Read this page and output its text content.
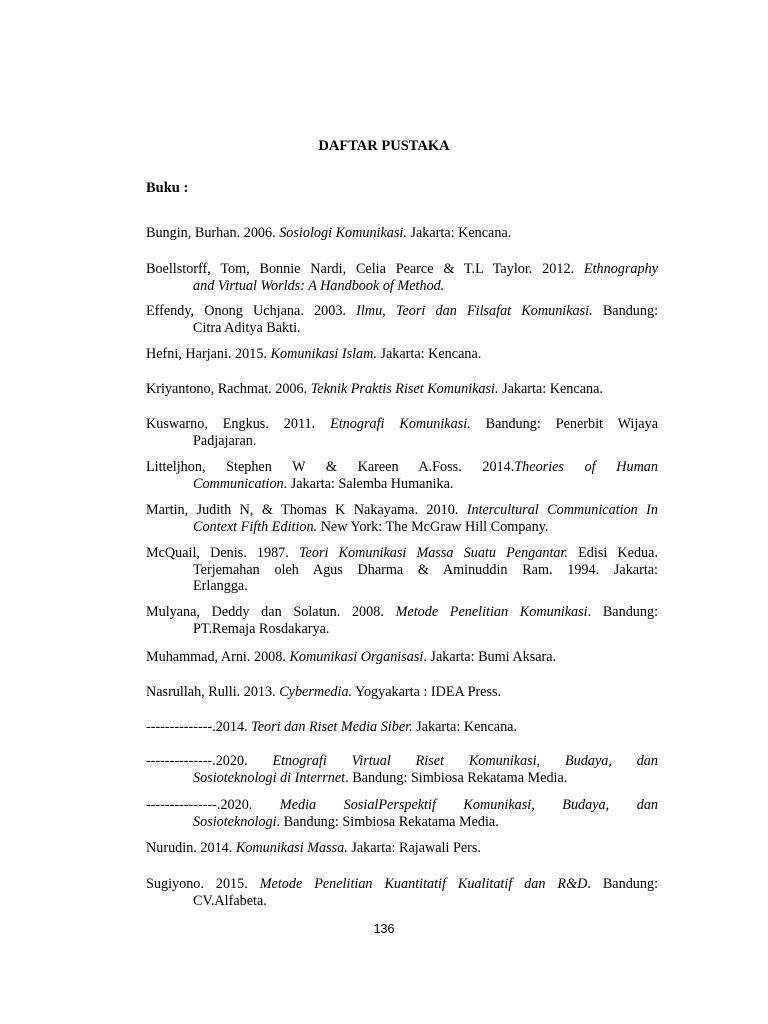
DAFTAR PUSTAKA
Buku :
Bungin, Burhan. 2006. Sosiologi Komunikasi. Jakarta: Kencana.
Boellstorff, Tom, Bonnie Nardi, Celia Pearce & T.L Taylor. 2012. Ethnography
and Virtual Worlds: A Handbook of Method.
Effendy, Onong Uchjana. 2003. Ilmu, Teori dan Filsafat Komunikasi. Bandung:
Citra Aditya Bakti.
Hefni, Harjani. 2015. Komunikasi Islam. Jakarta: Kencana.
Kriyantono, Rachmat. 2006. Teknik Praktis Riset Komunikasi. Jakarta: Kencana.
Kuswarno, Engkus. 2011. Etnografi Komunikasi. Bandung: Penerbit Wijaya
Padjajaran.
Litteljhon, Stephen W & Kareen A.Foss. 2014.Theories of Human
Communication. Jakarta: Salemba Humanika.
Martin, Judith N, & Thomas K Nakayama. 2010. Intercultural Communication In
Context Fifth Edition. New York: The McGraw Hill Company.
McQuail, Denis. 1987. Teori Komunikasi Massa Suatu Pengantar. Edisi Kedua.
Terjemahan oleh Agus Dharma & Aminuddin Ram. 1994. Jakarta:
Erlangga.
Mulyana, Deddy dan Solatun. 2008. Metode Penelitian Komunikasi. Bandung:
PT.Remaja Rosdakarya.
Muhammad, Arni. 2008. Komunikasi Organisasi. Jakarta: Bumi Aksara.
Nasrullah, Rulli. 2013. Cybermedia. Yogyakarta : IDEA Press.
--------------.2014. Teori dan Riset Media Siber. Jakarta: Kencana.
--------------.2020. Etnografi Virtual Riset Komunikasi, Budaya, dan
Sosioteknologi di Interrnet. Bandung: Simbiosa Rekatama Media.
---------------.2020. Media SosialPerspektif Komunikasi, Budaya, dan
Sosioteknologi. Bandung: Simbiosa Rekatama Media.
Nurudin. 2014. Komunikasi Massa. Jakarta: Rajawali Pers.
Sugiyono. 2015. Metode Penelitian Kuantitatif Kualitatif dan R&D. Bandung:
CV.Alfabeta.
136
